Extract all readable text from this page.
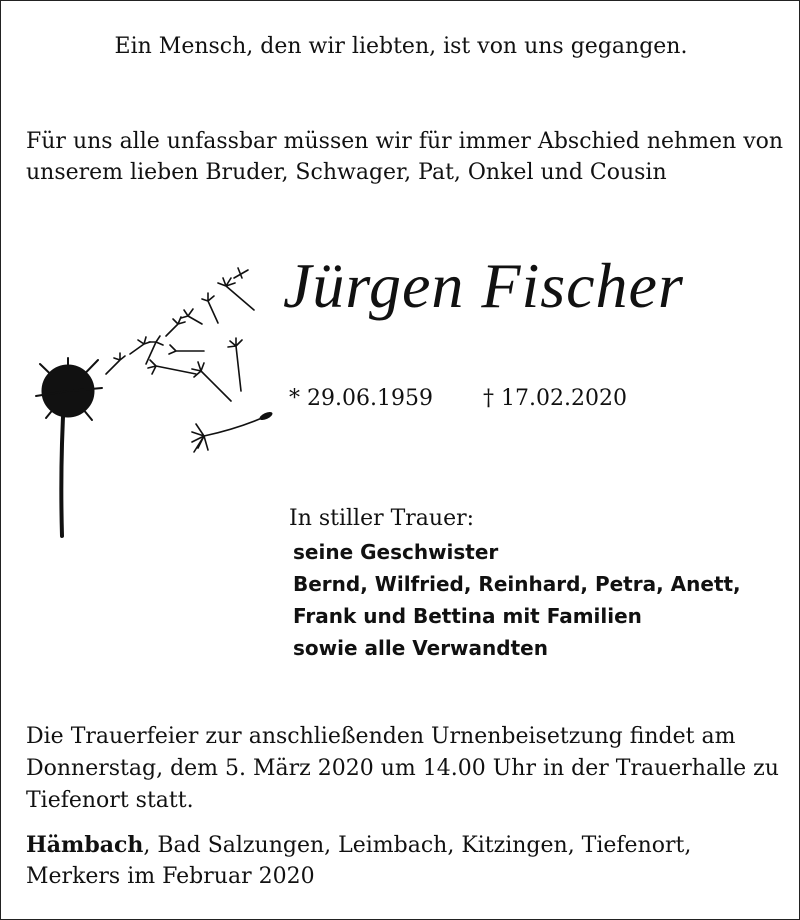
Ein Mensch, den wir liebten, ist von uns gegangen.
Für uns alle unfassbar müssen wir für immer Abschied nehmen von
unserem lieben Bruder, Schwager, Pat, Onkel und Cousin
Jürgen Fischer
* 29.06.1959 † 17.02.2020
In stiller Trauer:
seine Geschwister
Bernd, Wilfried, Reinhard, Petra, Anett,
Frank und Bettina mit Familien
sowie alle Verwandten
Die Trauerfeier zur anschließenden Urnenbeisetzung findet am
Donnerstag, dem 5. März 2020 um 14.00 Uhr in der Trauerhalle zu
Tiefenort statt.
Hämbach, Bad Salzungen, Leimbach, Kitzingen, Tiefenort,
Merkers im Februar 2020
